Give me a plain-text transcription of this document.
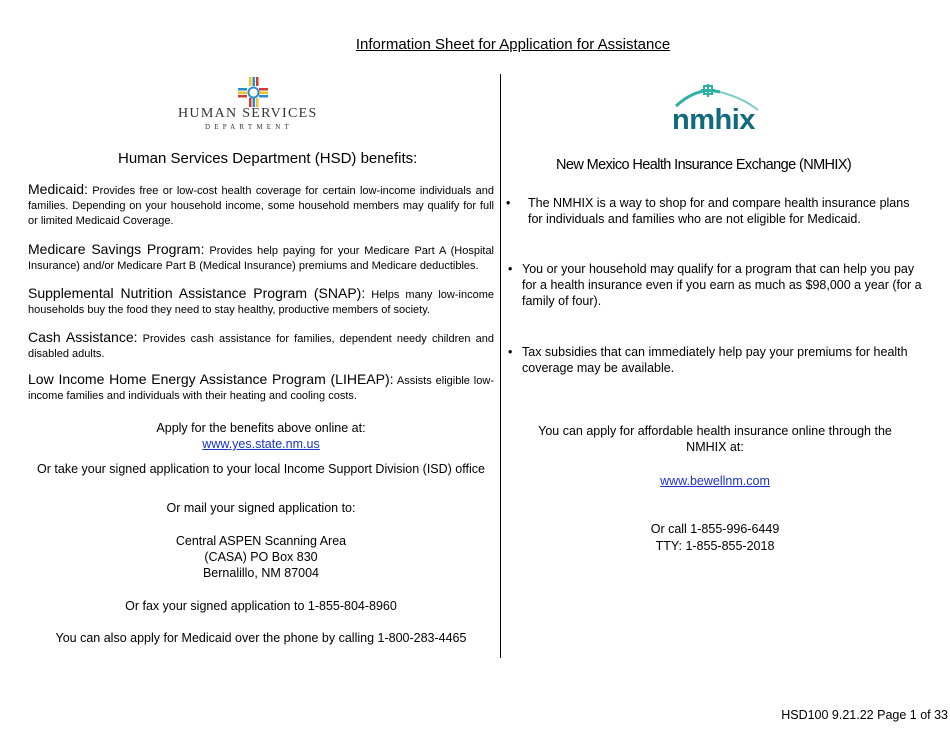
Information Sheet for Application for Assistance
HUMAN SERVICES
DEPARTMENT	nmhix
Human Services Department (HSD) benefits:	New Mexico Health Insurance Exchange (NMHIX)
Medicaid: Provides free or low-cost health coverage for certain low-income individuals and families. Depending on your household income, some household members may qualify for full or limited Medicaid Coverage.
Medicare Savings Program: Provides help paying for your Medicare Part A (Hospital Insurance) and/or Medicare Part B (Medical Insurance) premiums and Medicare deductibles.
Supplemental Nutrition Assistance Program (SNAP): Helps many low-income households buy the food they need to stay healthy, productive members of society.
Cash Assistance: Provides cash assistance for families, dependent needy children and disabled adults.
Low Income Home Energy Assistance Program (LIHEAP): Assists eligible low-income families and individuals with their heating and cooling costs.
Apply for the benefits above online at:
www.yes.state.nm.us
Or take your signed application to your local Income Support Division (ISD) office
Or mail your signed application to:
Central ASPEN Scanning Area
(CASA) PO Box 830
Bernalillo, NM 87004
Or fax your signed application to 1-855-804-8960
You can also apply for Medicaid over the phone by calling 1-800-283-4465
• The NMHIX is a way to shop for and compare health insurance plans for individuals and families who are not eligible for Medicaid.
• You or your household may qualify for a program that can help you pay for a health insurance even if you earn as much as $98,000 a year (for a family of four).
• Tax subsidies that can immediately help pay your premiums for health coverage may be available.
You can apply for affordable health insurance online through the NMHIX at:
www.bewellnm.com
Or call 1-855-996-6449
TTY: 1-855-855-2018
HSD100 9.21.22 Page 1 of 33
